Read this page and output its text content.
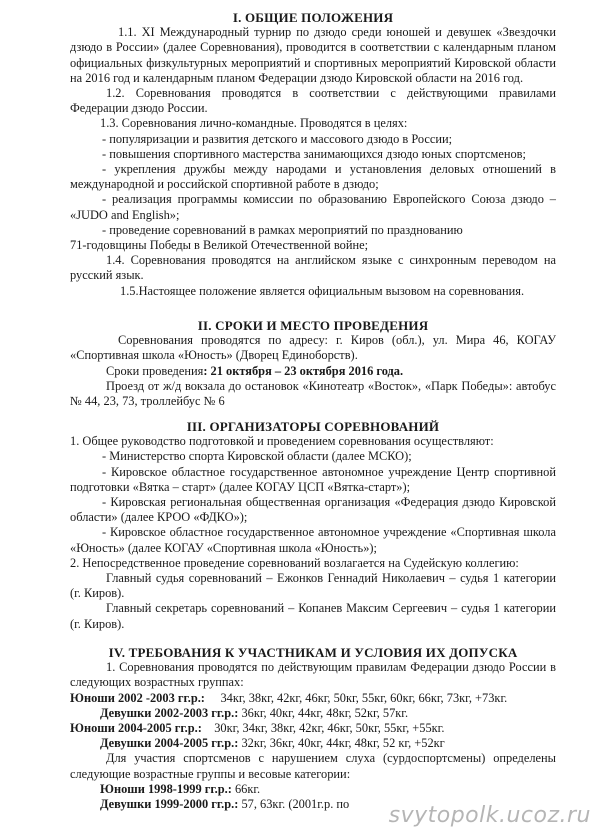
I. ОБЩИЕ ПОЛОЖЕНИЯ

1.1. XI Международный турнир по дзюдо среди юношей и девушек «Звездочки дзюдо в России» (далее Соревнования), проводится в соответствии с календарным планом официальных физкультурных мероприятий и спортивных мероприятий Кировской области на 2016 год и календарным планом Федерации дзюдо Кировской области на 2016 год.

1.2. Соревнования проводятся в соответствии с действующими правилами Федерации дзюдо России.

1.3. Соревнования лично-командные. Проводятся в целях:

- популяризации и развития детского и массового дзюдо в России;

- повышения спортивного мастерства занимающихся дзюдо юных спортсменов;

- укрепления дружбы между народами и установления деловых отношений в международной и российской спортивной работе в дзюдо;

- реализация программы комиссии по образованию Европейского Союза дзюдо – «JUDO and English»;

- проведение соревнований в рамках мероприятий по празднованию

71-годовщины Победы в Великой Отечественной войне;

1.4. Соревнования проводятся на английском языке с синхронным переводом на русский язык.

1.5.Настоящее положение является официальным вызовом на соревнования.

II. СРОКИ И МЕСТО ПРОВЕДЕНИЯ

Соревнования проводятся по адресу: г. Киров (обл.), ул. Мира 46, КОГАУ «Спортивная школа «Юность» (Дворец Единоборств).

Сроки проведения: 21 октября – 23 октября 2016 года.

Проезд от ж/д вокзала до остановок «Кинотеатр «Восток», «Парк Победы»: автобус № 44, 23, 73, троллейбус № 6

III. ОРГАНИЗАТОРЫ СОРЕВНОВАНИЙ

1. Общее руководство подготовкой и проведением соревнования осуществляют:

- Министерство спорта Кировской области (далее МСКО);

- Кировское областное государственное автономное учреждение Центр спортивной подготовки «Вятка – старт» (далее КОГАУ ЦСП «Вятка-старт»);

- Кировская региональная общественная организация «Федерация дзюдо Кировской области» (далее КРОО «ФДКО»);

- Кировское областное государственное автономное учреждение «Спортивная школа «Юность» (далее КОГАУ «Спортивная школа «Юность»);

2. Непосредственное проведение соревнований возлагается на Судейскую коллегию:

Главный судья соревнований – Ежонков Геннадий Николаевич – судья 1 категории (г. Киров).

Главный секретарь соревнований – Копанев Максим Сергеевич – судья 1 категории (г. Киров).

IV. ТРЕБОВАНИЯ К УЧАСТНИКАМ И УСЛОВИЯ ИХ ДОПУСКА

1. Соревнования проводятся по действующим правилам Федерации дзюдо России в следующих возрастных группах:

Юноши 2002 -2003 гг.р.: 34кг, 38кг, 42кг, 46кг, 50кг, 55кг, 60кг, 66кг, 73кг, +73кг.

Девушки 2002-2003 гг.р.: 36кг, 40кг, 44кг, 48кг, 52кг, 57кг.

Юноши 2004-2005 гг.р.: 30кг, 34кг, 38кг, 42кг, 46кг, 50кг, 55кг, +55кг.

Девушки 2004-2005 гг.р.: 32кг, 36кг, 40кг, 44кг, 48кг, 52 кг, +52кг

Для участия спортсменов с нарушением слуха (сурдоспортсмены) определены следующие возрастные группы и весовые категории:

Юноши 1998-1999 гг.р.: 66кг.

Девушки 1999-2000 гг.р.: 57, 63кг. (2001г.р. по	svytopolk.ucoz.ru
